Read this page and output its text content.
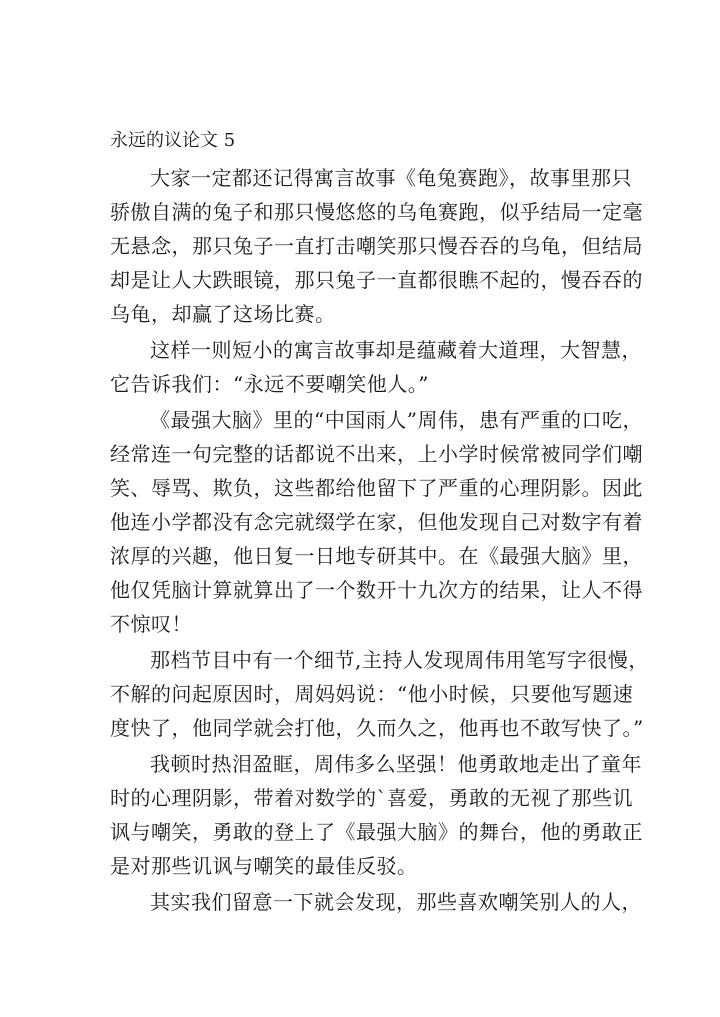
永远的议论文 5
大家一定都还记得寓言故事《龟兔赛跑》，故事里那只
骄傲自满的兔子和那只慢悠悠的乌龟赛跑，似乎结局一定毫
无悬念，那只兔子一直打击嘲笑那只慢吞吞的乌龟，但结局
却是让人大跌眼镜，那只兔子一直都很瞧不起的，慢吞吞的
乌龟，却赢了这场比赛。
这样一则短小的寓言故事却是蕴藏着大道理，大智慧，
它告诉我们：“永远不要嘲笑他人。”
《最强大脑》里的“中国雨人”周伟，患有严重的口吃，
经常连一句完整的话都说不出来，上小学时候常被同学们嘲
笑、辱骂、欺负，这些都给他留下了严重的心理阴影。因此
他连小学都没有念完就缀学在家，但他发现自己对数字有着
浓厚的兴趣，他日复一日地专研其中。在《最强大脑》里，
他仅凭脑计算就算出了一个数开十九次方的结果，让人不得
不惊叹！
那档节目中有一个细节,主持人发现周伟用笔写字很慢，
不解的问起原因时，周妈妈说：“他小时候，只要他写题速
度快了，他同学就会打他，久而久之，他再也不敢写快了。”
我顿时热泪盈眶，周伟多么坚强！他勇敢地走出了童年
时的心理阴影，带着对数学的`喜爱，勇敢的无视了那些讥
讽与嘲笑，勇敢的登上了《最强大脑》的舞台，他的勇敢正
是对那些讥讽与嘲笑的最佳反驳。
其实我们留意一下就会发现，那些喜欢嘲笑别人的人，
